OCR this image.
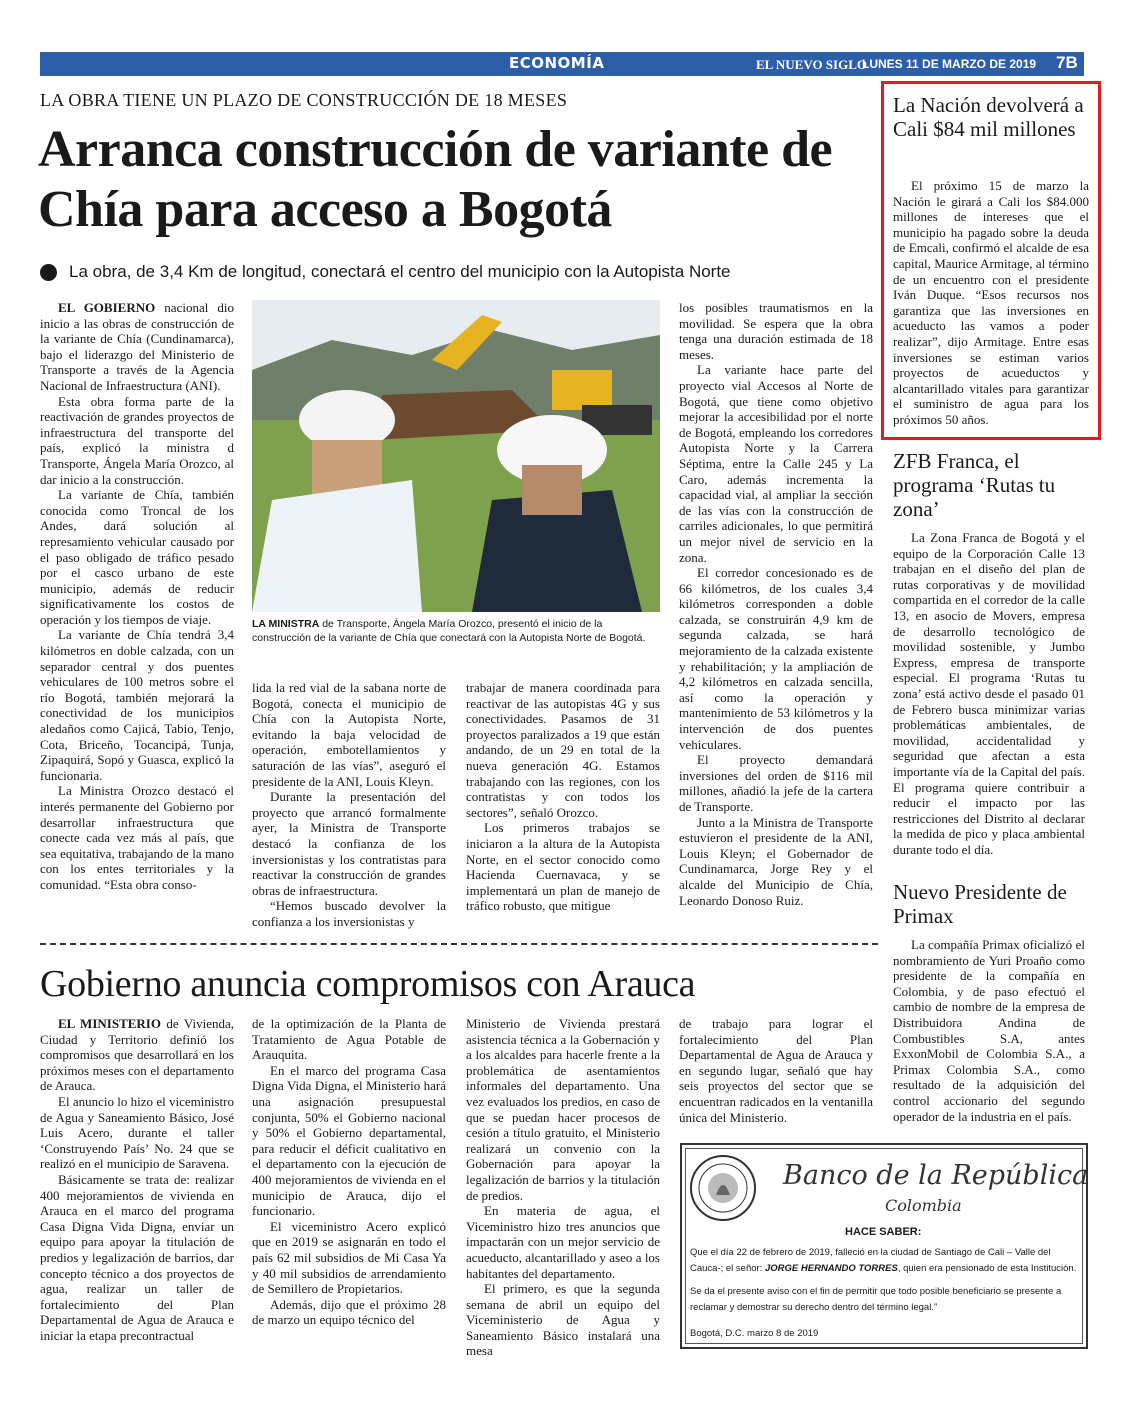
ECONOMÍA	EL NUEVO SIGLO
LUNES 11 DE MARZO DE 2019 7B
LA OBRA TIENE UN PLAZO DE CONSTRUCCIÓN DE 18 MESES
Arranca construcción de variante de Chía para acceso a Bogotá
La obra, de 3,4 Km de longitud, conectará el centro del municipio con la Autopista Norte

EL GOBIERNO nacional dio inicio a las obras de construcción de la variante de Chía (Cundinamarca), bajo el liderazgo del Ministerio de Transporte a través de la Agencia Nacional de Infraestructura (ANI).

Esta obra forma parte de la reactivación de grandes proyectos de infraestructura del transporte del país, explicó la ministra d Transporte, Ángela María Orozco, al dar inicio a la construcción.

La variante de Chía, también conocida como Troncal de los Andes, dará solución al represamiento vehicular causado por el paso obligado de tráfico pesado por el casco urbano de este municipio, además de reducir significativamente los costos de operación y los tiempos de viaje.

La variante de Chía tendrá 3,4 kilómetros en doble calzada, con un separador central y dos puentes vehiculares de 100 metros sobre el río Bogotá, también mejorará la conectividad de los municipios aledaños como Cajicá, Tabio, Tenjo, Cota, Briceño, Tocancipá, Tunja, Zipaquirá, Sopó y Guasca, explicó la funcionaria.

La Ministra Orozco destacó el interés permanente del Gobierno por desarrollar infraestructura que conecte cada vez más al país, que sea equitativa, trabajando de la mano con los entes territoriales y la comunidad. “Esta obra conso-

LA MINISTRA de Transporte, Ángela María Orozco, presentó el inicio de la construcción de la variante de Chía que conectará con la Autopista Norte de Bogotá.

lida la red vial de la sabana norte de Bogotá, conecta el municipio de Chía con la Autopista Norte, evitando la baja velocidad de operación, embotellamientos y saturación de las vías”, aseguró el presidente de la ANI, Louis Kleyn.

Durante la presentación del proyecto que arrancó formalmente ayer, la Ministra de Transporte destacó la confianza de los inversionistas y los contratistas para reactivar la construcción de grandes obras de infraestructura.

“Hemos buscado devolver la confianza a los inversionistas y

trabajar de manera coordinada para reactivar de las autopistas 4G y sus conectividades. Pasamos de 31 proyectos paralizados a 19 que están andando, de un 29 en total de la nueva generación 4G. Estamos trabajando con las regiones, con los contratistas y con todos los sectores”, señaló Orozco.

Los primeros trabajos se iniciaron a la altura de la Autopista Norte, en el sector conocido como Hacienda Cuernavaca, y se implementará un plan de manejo de tráfico robusto, que mitigue

los posibles traumatismos en la movilidad. Se espera que la obra tenga una duración estimada de 18 meses.

La variante hace parte del proyecto vial Accesos al Norte de Bogotá, que tiene como objetivo mejorar la accesibilidad por el norte de Bogotá, empleando los corredores Autopista Norte y la Carrera Séptima, entre la Calle 245 y La Caro, además incrementa la capacidad vial, al ampliar la sección de las vías con la construcción de carriles adicionales, lo que permitirá un mejor nivel de servicio en la zona.

El corredor concesionado es de 66 kilómetros, de los cuales 3,4 kilómetros corresponden a doble calzada, se construirán 4,9 km de segunda calzada, se hará mejoramiento de la calzada existente y rehabilitación; y la ampliación de 4,2 kilómetros en calzada sencilla, así como la operación y mantenimiento de 53 kilómetros y la intervención de dos puentes vehiculares.

El proyecto demandará inversiones del orden de $116 mil millones, añadió la jefe de la cartera de Transporte.

Junto a la Ministra de Transporte estuvieron el presidente de la ANI, Louis Kleyn; el Gobernador de Cundinamarca, Jorge Rey y el alcalde del Municipio de Chía, Leonardo Donoso Ruiz.

Gobierno anuncia compromisos con Arauca

EL MINISTERIO de Vivienda, Ciudad y Territorio definió los compromisos que desarrollará en los próximos meses con el departamento de Arauca.

El anuncio lo hizo el viceministro de Agua y Saneamiento Básico, José Luis Acero, durante el taller ‘Construyendo País’ No. 24 que se realizó en el municipio de Saravena.

Básicamente se trata de: realizar 400 mejoramientos de vivienda en Arauca en el marco del programa Casa Digna Vida Digna, enviar un equipo para apoyar la titulación de predios y legalización de barrios, dar concepto técnico a dos proyectos de agua, realizar un taller de fortalecimiento del Plan Departamental de Agua de Arauca e iniciar la etapa precontractual

de la optimización de la Planta de Tratamiento de Agua Potable de Arauquita.

En el marco del programa Casa Digna Vida Digna, el Ministerio hará una asignación presupuestal conjunta, 50% el Gobierno nacional y 50% el Gobierno departamental, para reducir el déficit cualitativo en el departamento con la ejecución de 400 mejoramientos de vivienda en el municipio de Arauca, dijo el funcionario.

El viceministro Acero explicó que en 2019 se asignarán en todo el país 62 mil subsidios de Mi Casa Ya y 40 mil subsidios de arrendamiento de Semillero de Propietarios.

Además, dijo que el próximo 28 de marzo un equipo técnico del

Ministerio de Vivienda prestará asistencia técnica a la Gobernación y a los alcaldes para hacerle frente a la problemática de asentamientos informales del departamento. Una vez evaluados los predios, en caso de que se puedan hacer procesos de cesión a título gratuito, el Ministerio realizará un convenio con la Gobernación para apoyar la legalización de barrios y la titulación de predios.

En materia de agua, el Viceministro hizo tres anuncios que impactarán con un mejor servicio de acueducto, alcantarillado y aseo a los habitantes del departamento.

El primero, es que la segunda semana de abril un equipo del Viceministerio de Agua y Saneamiento Básico instalará una mesa

de trabajo para lograr el fortalecimiento del Plan Departamental de Agua de Arauca y en segundo lugar, señaló que hay seis proyectos del sector que se encuentran radicados en la ventanilla única del Ministerio.

La Nación devolverá a Cali $84 mil millones

El próximo 15 de marzo la Nación le girará a Cali los $84.000 millones de intereses que el municipio ha pagado sobre la deuda de Emcali, confirmó el alcalde de esa capital, Maurice Armitage, al término de un encuentro con el presidente Iván Duque. “Esos recursos nos garantiza que las inversiones en acueducto las vamos a poder realizar”, dijo Armitage. Entre esas inversiones se estiman varios proyectos de acueductos y alcantarillado vitales para garantizar el suministro de agua para los próximos 50 años.

ZFB Franca, el programa ‘Rutas tu zona’

La Zona Franca de Bogotá y el equipo de la Corporación Calle 13 trabajan en el diseño del plan de rutas corporativas y de movilidad compartida en el corredor de la calle 13, en asocio de Movers, empresa de desarrollo tecnológico de movilidad sostenible, y Jumbo Express, empresa de transporte especial. El programa ‘Rutas tu zona’ está activo desde el pasado 01 de Febrero busca minimizar varias problemáticas ambientales, de movilidad, accidentalidad y seguridad que afectan a esta importante vía de la Capital del país. El programa quiere contribuir a reducir el impacto por las restricciones del Distrito al declarar la medida de pico y placa ambiental durante todo el día.

Nuevo Presidente de Primax

La compañía Primax oficializó el nombramiento de Yuri Proaño como presidente de la compañía en Colombia, y de paso efectuó el cambio de nombre de la empresa de Distribuidora Andina de Combustibles S.A, antes ExxonMobil de Colombia S.A., a Primax Colombia S.A., como resultado de la adquisición del control accionario del segundo operador de la industria en el país.

Banco de la República
Colombia
HACE SABER:
Que el día 22 de febrero de 2019, falleció en la ciudad de Santiago de Cali – Valle del Cauca-; el señor: JORGE HERNANDO TORRES, quien era pensionado de esta Institución.
Se da el presente aviso con el fin de permitir que todo posible beneficiario se presente a reclamar y demostrar su derecho dentro del término legal.”
Bogotá, D.C. marzo 8 de 2019
